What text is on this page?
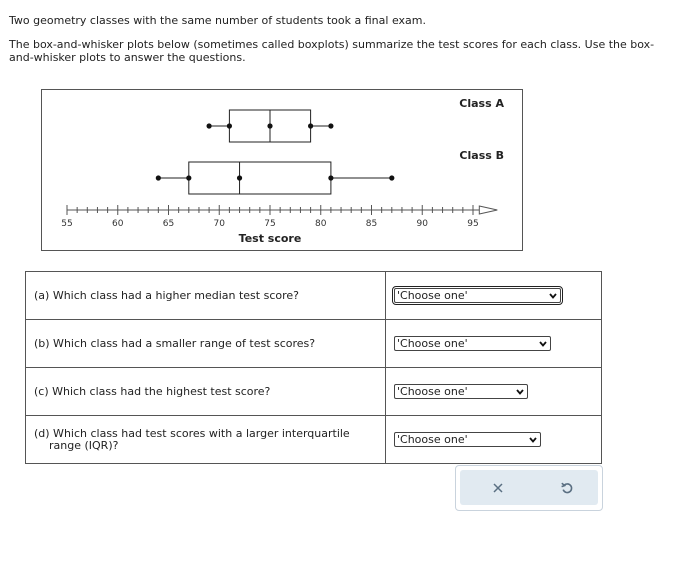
Two geometry classes with the same number of students took a final exam.

The box-and-whisker plots below (sometimes called boxplots) summarize the test scores for each class. Use the box-and-whisker plots to answer the questions.

55	60	65	70	75	80	85	90	95
Test score
Class A
Class B
(a) Which class had a higher median test score?	'Choose one'

(b) Which class had a smaller range of test scores?	'Choose one'

(c) Which class had the highest test score?	'Choose one'

(d) Which class had test scores with a larger interquartile range (IQR)?	'Choose one'
